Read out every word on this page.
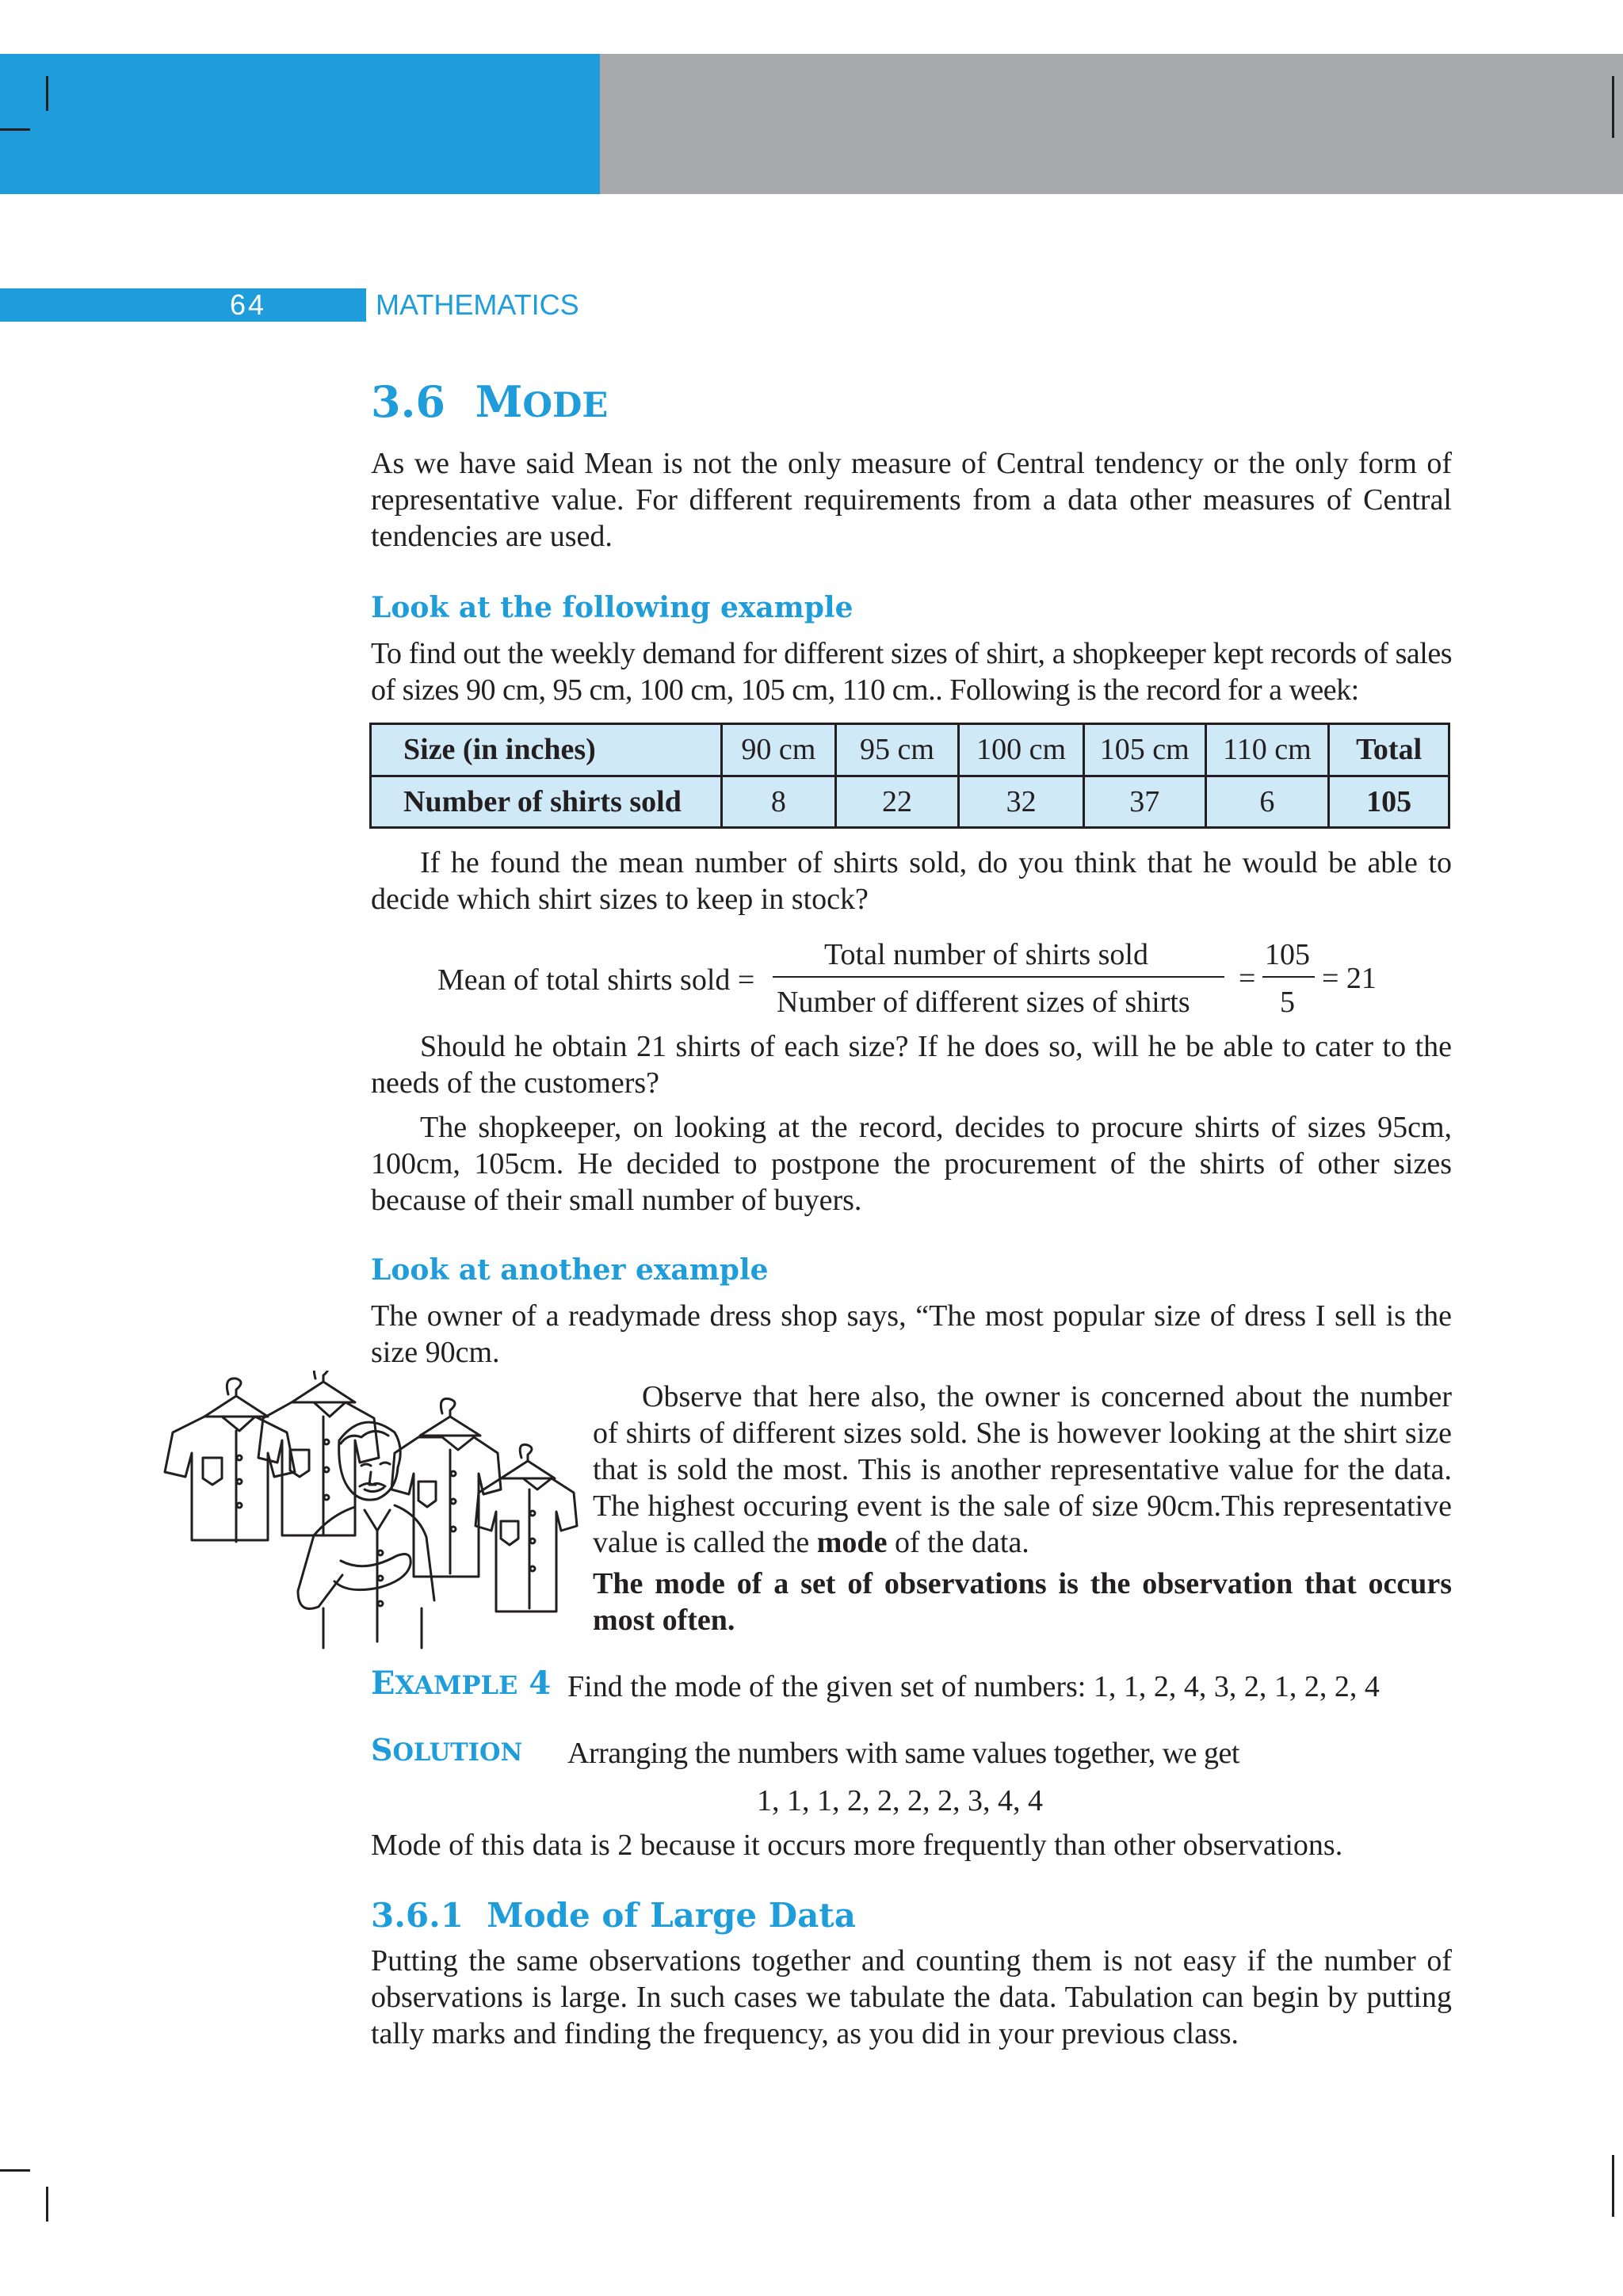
64	MATHEMATICS
3.6 MODE
As we have said Mean is not the only measure of Central tendency or the only form of representative value. For different requirements from a data other measures of Central tendencies are used.
Look at the following example
To find out the weekly demand for different sizes of shirt, a shopkeeper kept records of sales of sizes 90 cm, 95 cm, 100 cm, 105 cm, 110 cm.. Following is the record for a week:
Size (in inches)	90 cm	95 cm	100 cm	105 cm	110 cm	Total
Number of shirts sold	8	22	32	37	6	105
If he found the mean number of shirts sold, do you think that he would be able to decide which shirt sizes to keep in stock?
Mean of total shirts sold =
Total number of shirts sold
Number of different sizes of shirts
=
105
5
= 21
Should he obtain 21 shirts of each size? If he does so, will he be able to cater to the needs of the customers?
The shopkeeper, on looking at the record, decides to procure shirts of sizes 95cm, 100cm, 105cm. He decided to postpone the procurement of the shirts of other sizes because of their small number of buyers.
Look at another example
The owner of a readymade dress shop says, “The most popular size of dress I sell is the size 90cm.
Observe that here also, the owner is concerned about the number of shirts of different sizes sold. She is however looking at the shirt size that is sold the most. This is another representative value for the data. The highest occuring event is the sale of size 90cm.This representative value is called the mode of the data.
The mode of a set of observations is the observation that occurs most often.
EXAMPLE 4 Find the mode of the given set of numbers: 1, 1, 2, 4, 3, 2, 1, 2, 2, 4
SOLUTION Arranging the numbers with same values together, we get
1, 1, 1, 2, 2, 2, 2, 3, 4, 4
Mode of this data is 2 because it occurs more frequently than other observations.
3.6.1  Mode of Large Data
Putting the same observations together and counting them is not easy if the number of observations is large. In such cases we tabulate the data. Tabulation can begin by putting tally marks and finding the frequency, as you did in your previous class.
